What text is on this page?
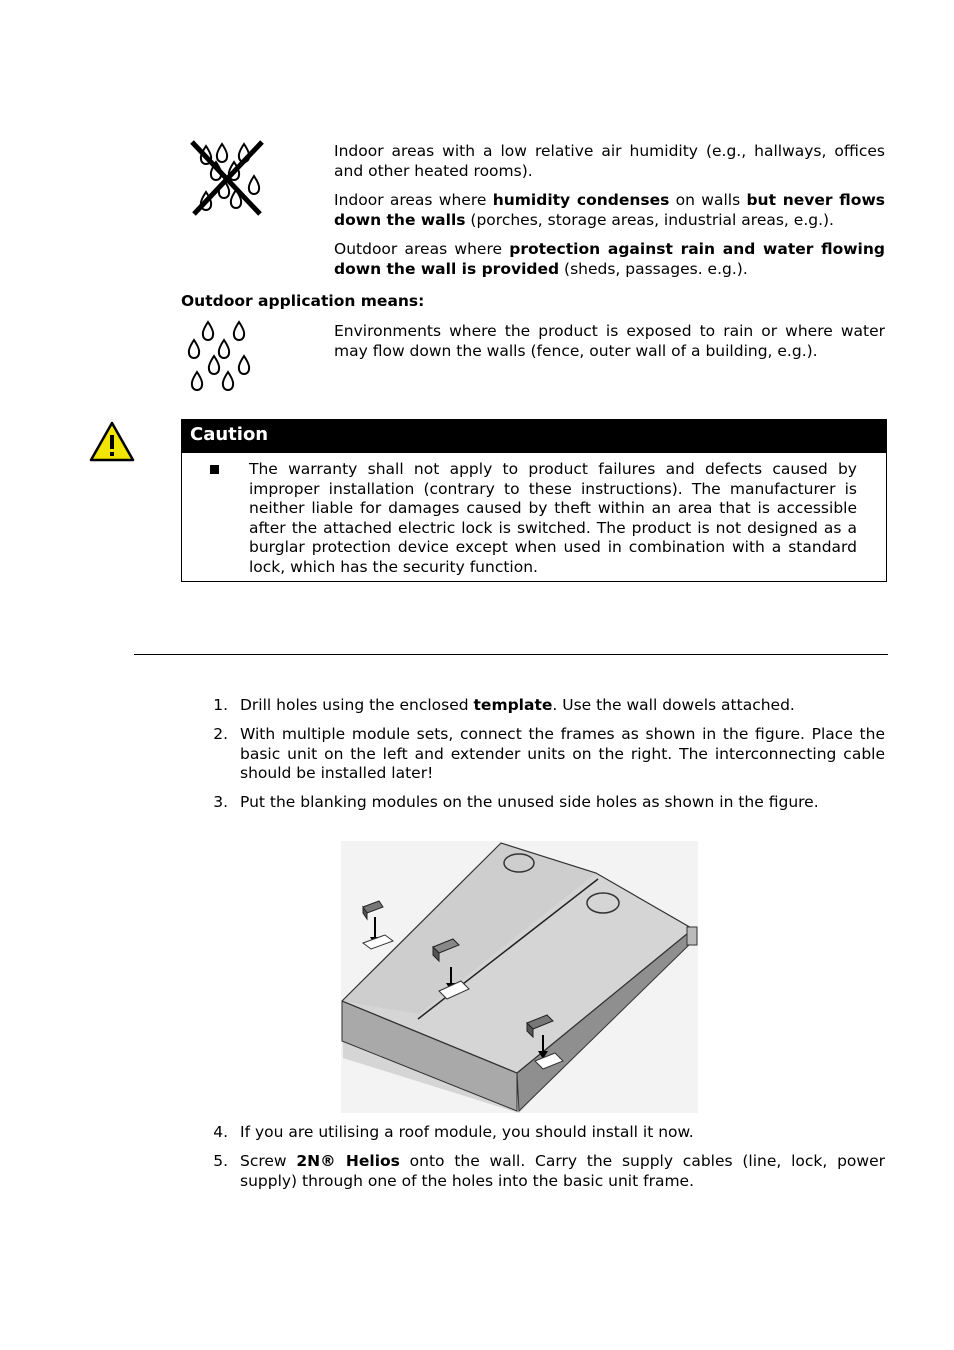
Indoor areas with a low relative air humidity (e.g., hallways, offices and other heated rooms).

Indoor areas where humidity condenses on walls but never flows down the walls (porches, storage areas, industrial areas, e.g.).

Outdoor areas where protection against rain and water flowing down the wall is provided (sheds, passages. e.g.).

Outdoor application means:

Environments where the product is exposed to rain or where water may flow down the walls (fence, outer wall of a building, e.g.).

Caution
The warranty shall not apply to product failures and defects caused by improper installation (contrary to these instructions). The manufacturer is neither liable for damages caused by theft within an area that is accessible after the attached electric lock is switched. The product is not designed as a burglar protection device except when used in combination with a standard lock, which has the security function.
1. Drill holes using the enclosed template. Use the wall dowels attached.
2. With multiple module sets, connect the frames as shown in the figure. Place the basic unit on the left and extender units on the right. The interconnecting cable should be installed later!
3. Put the blanking modules on the unused side holes as shown in the figure.
4. If you are utilising a roof module, you should install it now.
5. Screw 2N® Helios onto the wall. Carry the supply cables (line, lock, power supply) through one of the holes into the basic unit frame.
